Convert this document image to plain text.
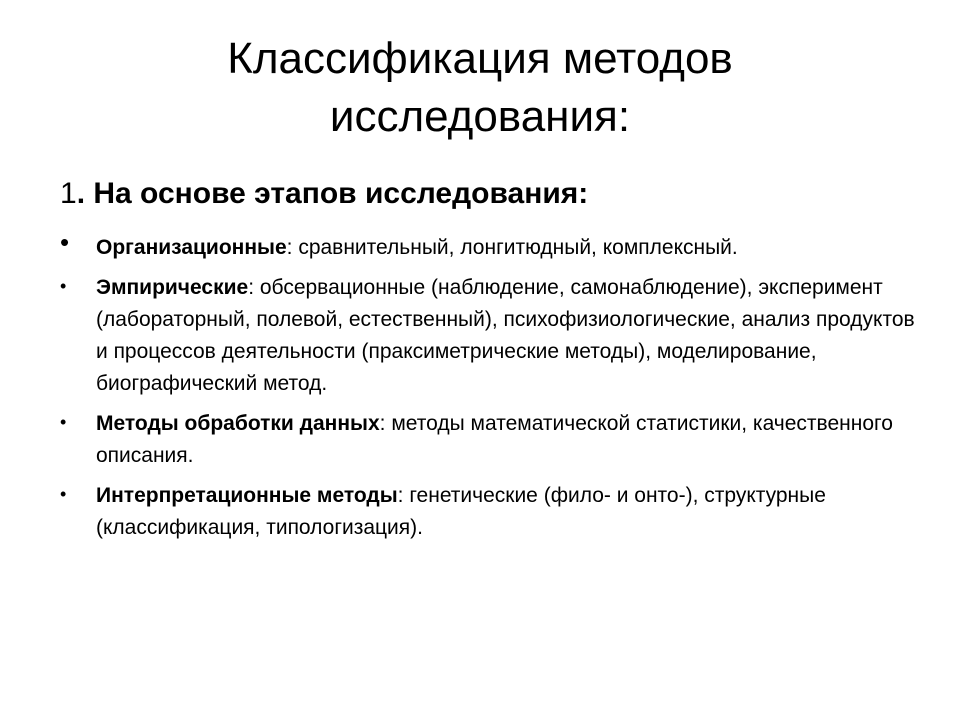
Классификация методов
исследования:
1. На основе этапов исследования:
•	Организационные: сравнительный, лонгитюдный, комплексный.
•	Эмпирические: обсервационные (наблюдение, самонаблюдение), эксперимент (лабораторный, полевой, естественный), психофизиологические, анализ продуктов и процессов деятельности (праксиметрические методы), моделирование, биографический метод.
•	Методы обработки данных: методы математической статистики, качественного описания.
•	Интерпретационные методы: генетические (фило- и онто-), структурные (классификация, типологизация).
